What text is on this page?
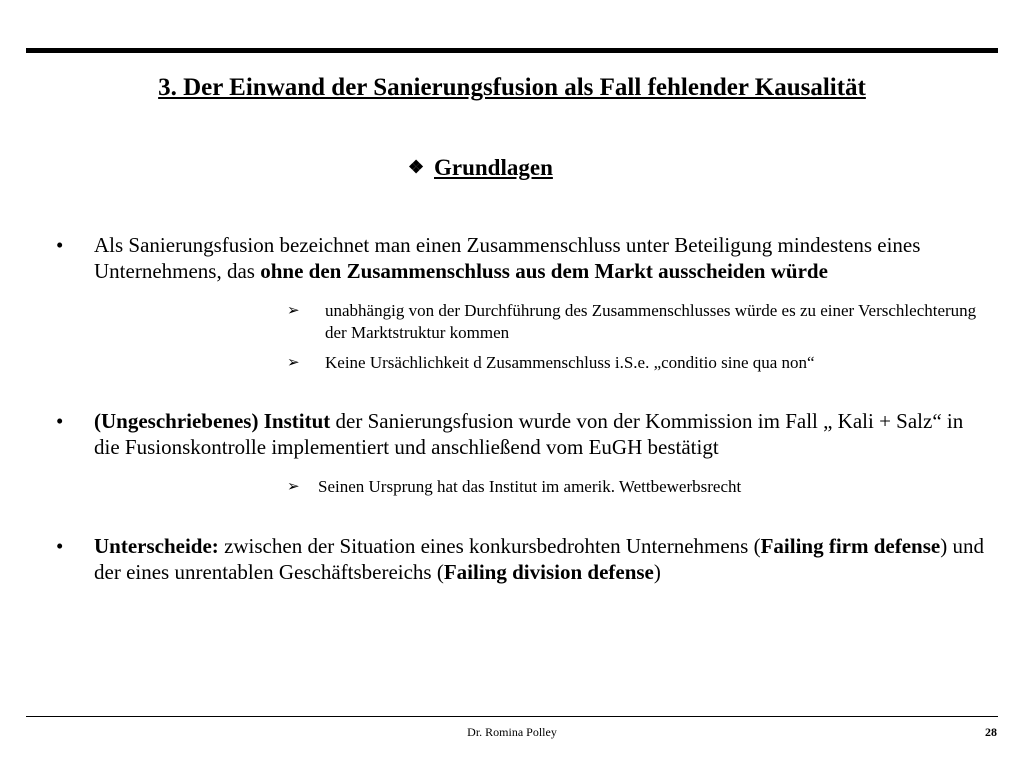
3. Der Einwand der Sanierungsfusion als Fall fehlender Kausalität
❖ Grundlagen
• Als Sanierungsfusion bezeichnet man einen Zusammenschluss unter Beteiligung mindestens eines Unternehmens, das ohne den Zusammenschluss aus dem Markt ausscheiden würde
➢ unabhängig von der Durchführung des Zusammenschlusses würde es zu einer Verschlechterung der Marktstruktur kommen
➢ Keine Ursächlichkeit d Zusammenschluss i.S.e. „conditio sine qua non“
• (Ungeschriebenes) Institut der Sanierungsfusion wurde von der Kommission im Fall „ Kali + Salz“ in die Fusionskontrolle implementiert und anschließend vom EuGH bestätigt
➢ Seinen Ursprung hat das Institut im amerik. Wettbewerbsrecht
• Unterscheide: zwischen der Situation eines konkursbedrohten Unternehmens (Failing firm defense) und der eines unrentablen Geschäftsbereichs (Failing division defense)
Dr. Romina Polley	28
